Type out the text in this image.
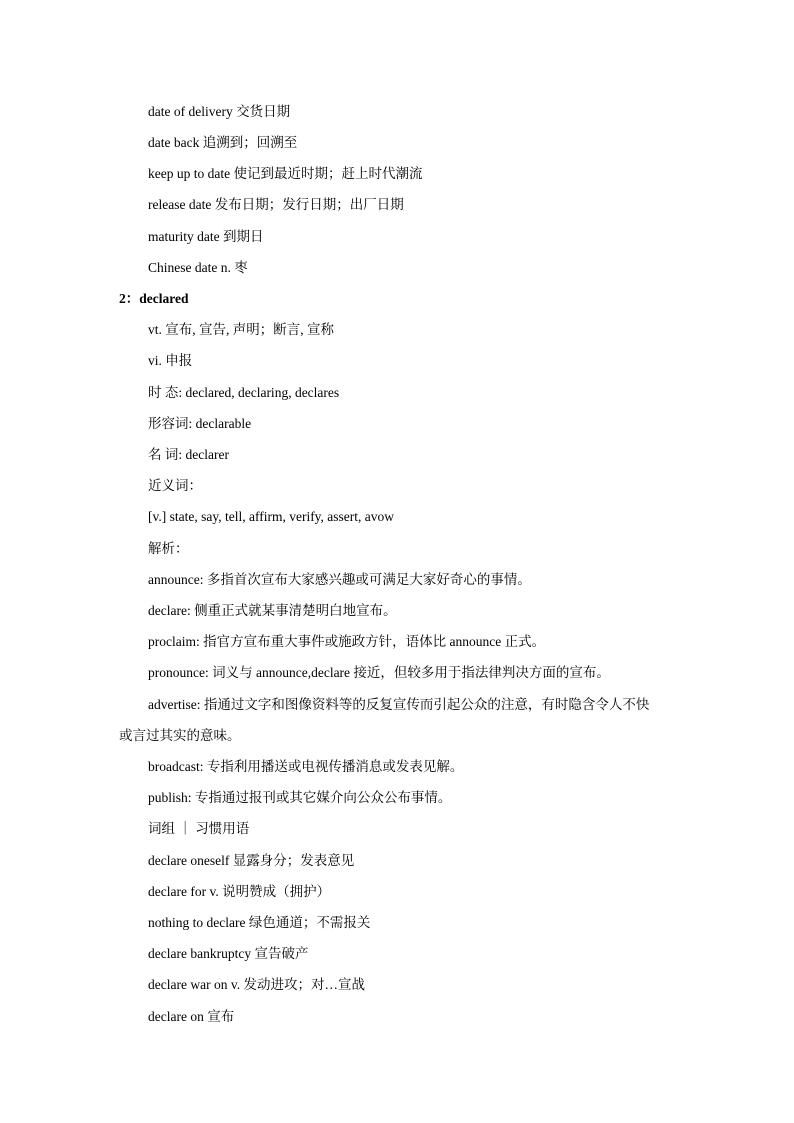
date of delivery 交货日期
date back 追溯到；回溯至
keep up to date 使记到最近时期；赶上时代潮流
release date 发布日期；发行日期；出厂日期
maturity date 到期日
Chinese date n. 枣
2：declared
vt. 宣布, 宣告, 声明；断言, 宣称
vi. 申报
时 态: declared, declaring, declares
形容词: declarable
名 词: declarer
近义词：
[v.] state, say, tell, affirm, verify, assert, avow
解析：
announce: 多指首次宣布大家感兴趣或可满足大家好奇心的事情。
declare: 侧重正式就某事清楚明白地宣布。
proclaim: 指官方宣布重大事件或施政方针，语体比 announce 正式。
pronounce: 词义与 announce,declare 接近，但较多用于指法律判决方面的宣布。
advertise: 指通过文字和图像资料等的反复宣传而引起公众的注意，有时隐含令人不快
或言过其实的意味。
broadcast: 专指利用播送或电视传播消息或发表见解。
publish: 专指通过报刊或其它媒介向公众公布事情。
词组 ｜ 习惯用语
declare oneself 显露身分；发表意见
declare for v. 说明赞成（拥护）
nothing to declare 绿色通道；不需报关
declare bankruptcy 宣告破产
declare war on v. 发动进攻；对…宣战
declare on 宣布
